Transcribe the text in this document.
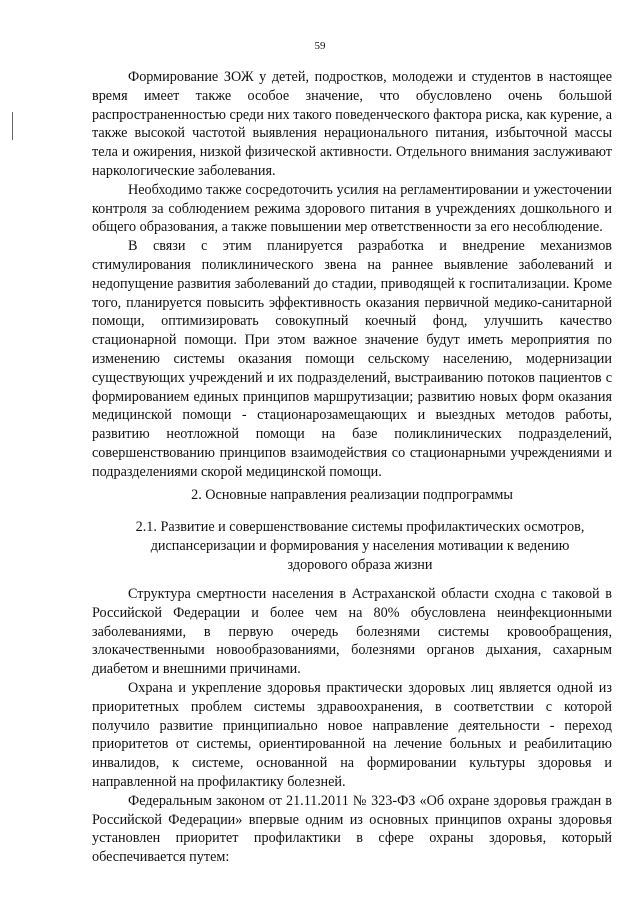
59

Формирование ЗОЖ у детей, подростков, молодежи и студентов в настоящее время имеет также особое значение, что обусловлено очень большой распространенностью среди них такого поведенческого фактора риска, как курение, а также высокой частотой выявления нерационального питания, избыточной массы тела и ожирения, низкой физической активности. Отдельного внимания заслуживают наркологические заболевания.

Необходимо также сосредоточить усилия на регламентировании и ужесточении контроля за соблюдением режима здорового питания в учреждениях дошкольного и общего образования, а также повышении мер ответственности за его несоблюдение.

В связи с этим планируется разработка и внедрение механизмов стимулирования поликлинического звена на раннее выявление заболеваний и недопущение развития заболеваний до стадии, приводящей к госпитализации. Кроме того, планируется повысить эффективность оказания первичной медико-санитарной помощи, оптимизировать совокупный коечный фонд, улучшить качество стационарной помощи. При этом важное значение будут иметь мероприятия по изменению системы оказания помощи сельскому населению, модернизации существующих учреждений и их подразделений, выстраиванию потоков пациентов с формированием единых принципов маршрутизации; развитию новых форм оказания медицинской помощи - стационарозамещающих и выездных методов работы, развитию неотложной помощи на базе поликлинических подразделений, совершенствованию принципов взаимодействия со стационарными учреждениями и подразделениями скорой медицинской помощи.

2. Основные направления реализации подпрограммы
2.1. Развитие и совершенствование системы профилактических осмотров, диспансеризации и формирования у населения мотивации к ведению здорового образа жизни

Структура смертности населения в Астраханской области сходна с таковой в Российской Федерации и более чем на 80% обусловлена неинфекционными заболеваниями, в первую очередь болезнями системы кровообращения, злокачественными новообразованиями, болезнями органов дыхания, сахарным диабетом и внешними причинами.

Охрана и укрепление здоровья практически здоровых лиц является одной из приоритетных проблем системы здравоохранения, в соответствии с которой получило развитие принципиально новое направление деятельности - переход приоритетов от системы, ориентированной на лечение больных и реабилитацию инвалидов, к системе, основанной на формировании культуры здоровья и направленной на профилактику болезней.

Федеральным законом от 21.11.2011 № 323-ФЗ «Об охране здоровья граждан в Российской Федерации» впервые одним из основных принципов охраны здоровья установлен приоритет профилактики в сфере охраны здоровья, который обеспечивается путем:
